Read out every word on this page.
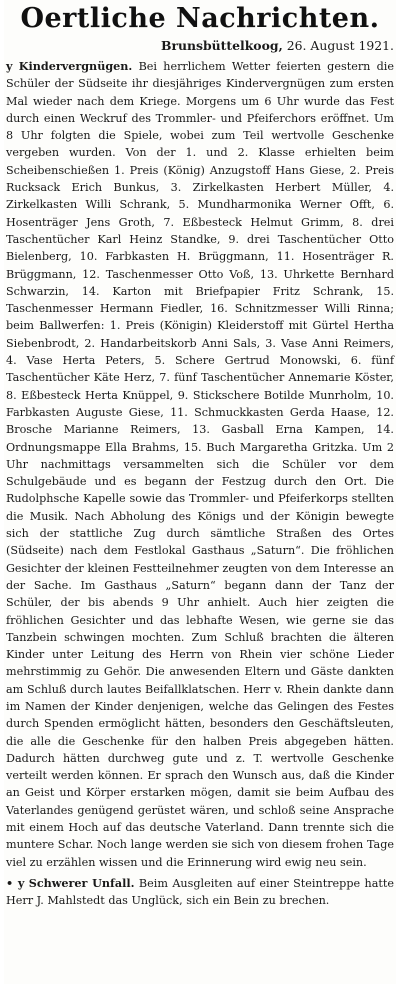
Oertliche Nachrichten.
Brunsbüttelkoog, 26. August 1921.

y Kindervergnügen. Bei herrlichem Wetter feierten gestern die Schüler der Südseite ihr diesjähriges Kindervergnügen zum ersten Mal wieder nach dem Kriege. Morgens um 6 Uhr wurde das Fest durch einen Weckruf des Trommler- und Pfeiferchors eröffnet. Um 8 Uhr folgten die Spiele, wobei zum Teil wertvolle Geschenke vergeben wurden. Von der 1. und 2. Klasse erhielten beim Scheibenschießen 1. Preis (König) Anzugstoff Hans Giese, 2. Preis Rucksack Erich Bunkus, 3. Zirkelkasten Herbert Müller, 4. Zirkelkasten Willi Schrank, 5. Mundharmonika Werner Offt, 6. Hosenträger Jens Groth, 7. Eßbesteck Helmut Grimm, 8. drei Taschentücher Karl Heinz Standke, 9. drei Taschentücher Otto Bielenberg, 10. Farbkasten H. Brüggmann, 11. Hosenträger R. Brüggmann, 12. Taschenmesser Otto Voß, 13. Uhrkette Bernhard Schwarzin, 14. Karton mit Briefpapier Fritz Schrank, 15. Taschenmesser Hermann Fiedler, 16. Schnitzmesser Willi Rinna; beim Ballwerfen: 1. Preis (Königin) Kleiderstoff mit Gürtel Hertha Siebenbrodt, 2. Handarbeitskorb Anni Sals, 3. Vase Anni Reimers, 4. Vase Herta Peters, 5. Schere Gertrud Monowski, 6. fünf Taschentücher Käte Herz, 7. fünf Taschentücher Annemarie Köster, 8. Eßbesteck Herta Knüppel, 9. Stickschere Botilde Munrholm, 10. Farbkasten Auguste Giese, 11. Schmuckkasten Gerda Haase, 12. Brosche Marianne Reimers, 13. Gasball Erna Kampen, 14. Ordnungsmappe Ella Brahms, 15. Buch Margaretha Gritzka. Um 2 Uhr nachmittags versammelten sich die Schüler vor dem Schulgebäude und es begann der Festzug durch den Ort. Die Rudolphsche Kapelle sowie das Trommler- und Pfeiferkorps stellten die Musik. Nach Abholung des Königs und der Königin bewegte sich der stattliche Zug durch sämtliche Straßen des Ortes (Südseite) nach dem Festlokal Gasthaus „Saturn“. Die fröhlichen Gesichter der kleinen Festteilnehmer zeugten von dem Interesse an der Sache. Im Gasthaus „Saturn“ begann dann der Tanz der Schüler, der bis abends 9 Uhr anhielt. Auch hier zeigten die fröhlichen Gesichter und das lebhafte Wesen, wie gerne sie das Tanzbein schwingen mochten. Zum Schluß brachten die älteren Kinder unter Leitung des Herrn von Rhein vier schöne Lieder mehrstimmig zu Gehör. Die anwesenden Eltern und Gäste dankten am Schluß durch lautes Beifallklatschen. Herr v. Rhein dankte dann im Namen der Kinder denjenigen, welche das Gelingen des Festes durch Spenden ermöglicht hätten, besonders den Geschäftsleuten, die alle die Geschenke für den halben Preis abgegeben hätten. Dadurch hätten durchweg gute und z. T. wertvolle Geschenke verteilt werden können. Er sprach den Wunsch aus, daß die Kinder an Geist und Körper erstarken mögen, damit sie beim Aufbau des Vaterlandes genügend gerüstet wären, und schloß seine Ansprache mit einem Hoch auf das deutsche Vaterland. Dann trennte sich die muntere Schar. Noch lange werden sie sich von diesem frohen Tage viel zu erzählen wissen und die Erinnerung wird ewig neu sein.

• y Schwerer Unfall. Beim Ausgleiten auf einer Steintreppe hatte Herr J. Mahlstedt das Unglück, sich ein Bein zu brechen.
